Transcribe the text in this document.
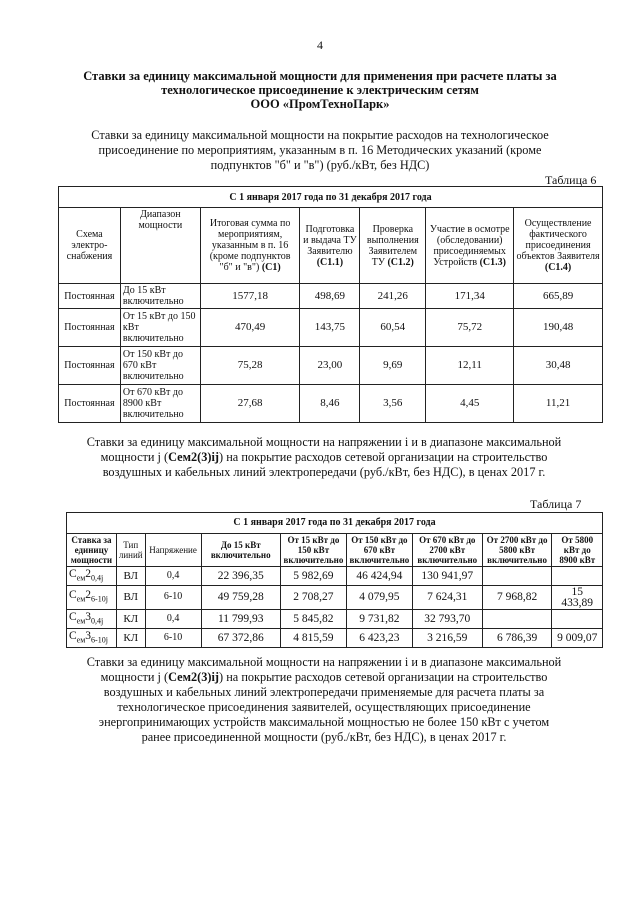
4
Ставки за единицу максимальной мощности для применения при расчете платы за
технологическое присоединение к электрическим сетям
ООО «ПромТехноПарк»
Ставки за единицу максимальной мощности на покрытие расходов на технологическое
присоединение по мероприятиям, указанным в п. 16 Методических указаний (кроме
подпунктов "б" и "в") (руб./кВт, без НДС)
Таблица 6
С 1 января 2017 года по 31 декабря 2017 года						
Схема электро- снабжения	Диапазон мощности	Итоговая сумма по мероприятиям, указанным в п. 16 (кроме подпунктов "б" и "в") (С1)	Подготовка и выдача ТУ Заявителю (С1.1)	Проверка выполнения Заявителем ТУ (С1.2)	Участие в осмотре (обследовании) присоединяемых Устройств (С1.3)	Осуществление фактического присоединения объектов Заявителя (С1.4)
Постоянная	До 15 кВт включительно	1577,18	498,69	241,26	171,34	665,89
Постоянная	От 15 кВт до 150 кВт включительно	470,49	143,75	60,54	75,72	190,48
Постоянная	От 150 кВт до 670 кВт включительно	75,28	23,00	9,69	12,11	30,48
Постоянная	От 670 кВт до 8900 кВт включительно	27,68	8,46	3,56	4,45	11,21
Ставки за единицу максимальной мощности на напряжении i и в диапазоне максимальной
мощности j (Сем2(3)ij) на покрытие расходов сетевой организации на строительство
воздушных и кабельных линий электропередачи (руб./кВт, без НДС), в ценах 2017 г.
Таблица 7
С 1 января 2017 года по 31 декабря 2017 года								
Ставка за единицу мощности	Тип линий	Напряжение	До 15 кВт включительно	От 15 кВт до 150 кВт включительно	От 150 кВт до 670 кВт включительно	От 670 кВт до 2700 кВт включительно	От 2700 кВт до 5800 кВт включительно	От 5800 кВт до 8900 кВт
$С_{ем}2_{0,4j}$	ВЛ	0,4	22 396,35	5 982,69	46 424,94	130 941,97		
$С_{ем}2_{6-10j}$	ВЛ	6-10	49 759,28	2 708,27	4 079,95	7 624,31	7 968,82	15 433,89
$С_{ем}3_{0,4j}$	КЛ	0,4	11 799,93	5 845,82	9 731,82	32 793,70		
$С_{ем}3_{6-10j}$	КЛ	6-10	67 372,86	4 815,59	6 423,23	3 216,59	6 786,39	9 009,07
Ставки за единицу максимальной мощности на напряжении i и в диапазоне максимальной
мощности j (Сем2(3)ij) на покрытие расходов сетевой организации на строительство
воздушных и кабельных линий электропередачи применяемые для расчета платы за
технологическое присоединения заявителей, осуществляющих присоединение
энергопринимающих устройств максимальной мощностью не более 150 кВт с учетом
ранее присоединенной мощности (руб./кВт, без НДС), в ценах 2017 г.
